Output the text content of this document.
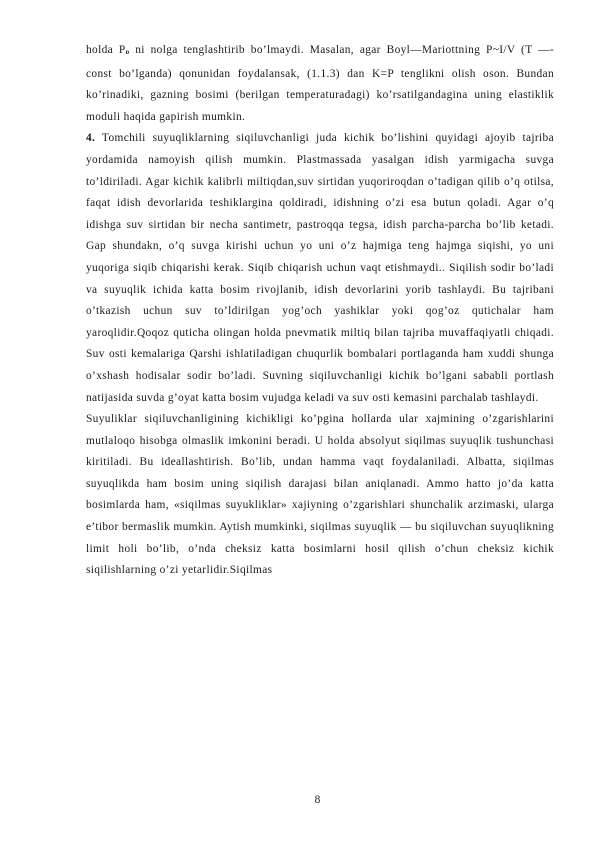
holda $P_o$ ni nolga tenglashtirib bo’lmaydi. Masalan, agar Boyl—Mariottning P~I/V (T —- const bo’lganda) qonunidan foydalansak, (1.1.3) dan K=P tenglikni olish oson. Bundan ko’rinadiki, gazning bosimi (berilgan temperaturadagi) ko’rsatilgandagina uning elastiklik moduli haqida gapirish mumkin.

4. Tomchili suyuqliklarning siqiluvchanligi juda kichik bo’lishini quyidagi ajoyib tajriba yordamida namoyish qilish mumkin. Plastmassada yasalgan idish yarmigacha suvga to’ldiriladi. Agar kichik kalibrli miltiqdan,suv sirtidan yuqoriroqdan o’tadigan qilib o’q otilsa, faqat idish devorlarida teshiklargina qoldiradi, idishning o’zi esa butun qoladi. Agar o’q idishga suv sirtidan bir necha santimetr, pastroqqa tegsa, idish parcha-parcha bo’lib ketadi. Gap shundakn, o’q suvga kirishi uchun yo uni o’z hajmiga teng hajmga siqishi, yo uni yuqoriga siqib chiqarishi kerak. Siqib chiqarish uchun vaqt etishmaydi.. Siqilish sodir bo’ladi va suyuqlik ichida katta bosim rivojlanib, idish devorlarini yorib tashlaydi. Bu tajribani o’tkazish uchun suv to’ldirilgan yog’och yashiklar yoki qog’oz qutichalar ham yaroqlidir.Qoqoz quticha olingan holda pnevmatik miltiq bilan tajriba muvaffaqiyatli chiqadi. Suv osti kemalariga Qarshi ishlatiladigan chuqurlik bombalari portlaganda ham xuddi shunga o’xshash hodisalar sodir bo’ladi. Suvning siqiluvchanligi kichik bo’lgani sababli portlash natijasida suvda g’oyat katta bosim vujudga keladi va suv osti kemasini parchalab tashlaydi.

Suyuliklar siqiluvchanligining kichikligi ko’pgina hollarda ular xajmining o’zgarishlarini mutlaloqo hisobga olmaslik imkonini beradi. U holda absolyut siqilmas suyuqlik tushunchasi kiritiladi. Bu ideallashtirish. Bo’lib, undan hamma vaqt foydalaniladi. Albatta, siqilmas suyuqlikda ham bosim uning siqilish darajasi bilan aniqlanadi. Ammo hatto jo’da katta bosimlarda ham, «siqilmas suyukliklar» xajiyning o’zgarishlari shunchalik arzimaski, ularga e’tibor bermaslik mumkin. Aytish mumkinki, siqilmas suyuqlik — bu siqiluvchan suyuqlikning limit holi bo’lib, o’nda cheksiz katta bosimlarni hosil qilish o’chun cheksiz kichik siqilishlarning o’zi yetarlidir.Siqilmas

8
